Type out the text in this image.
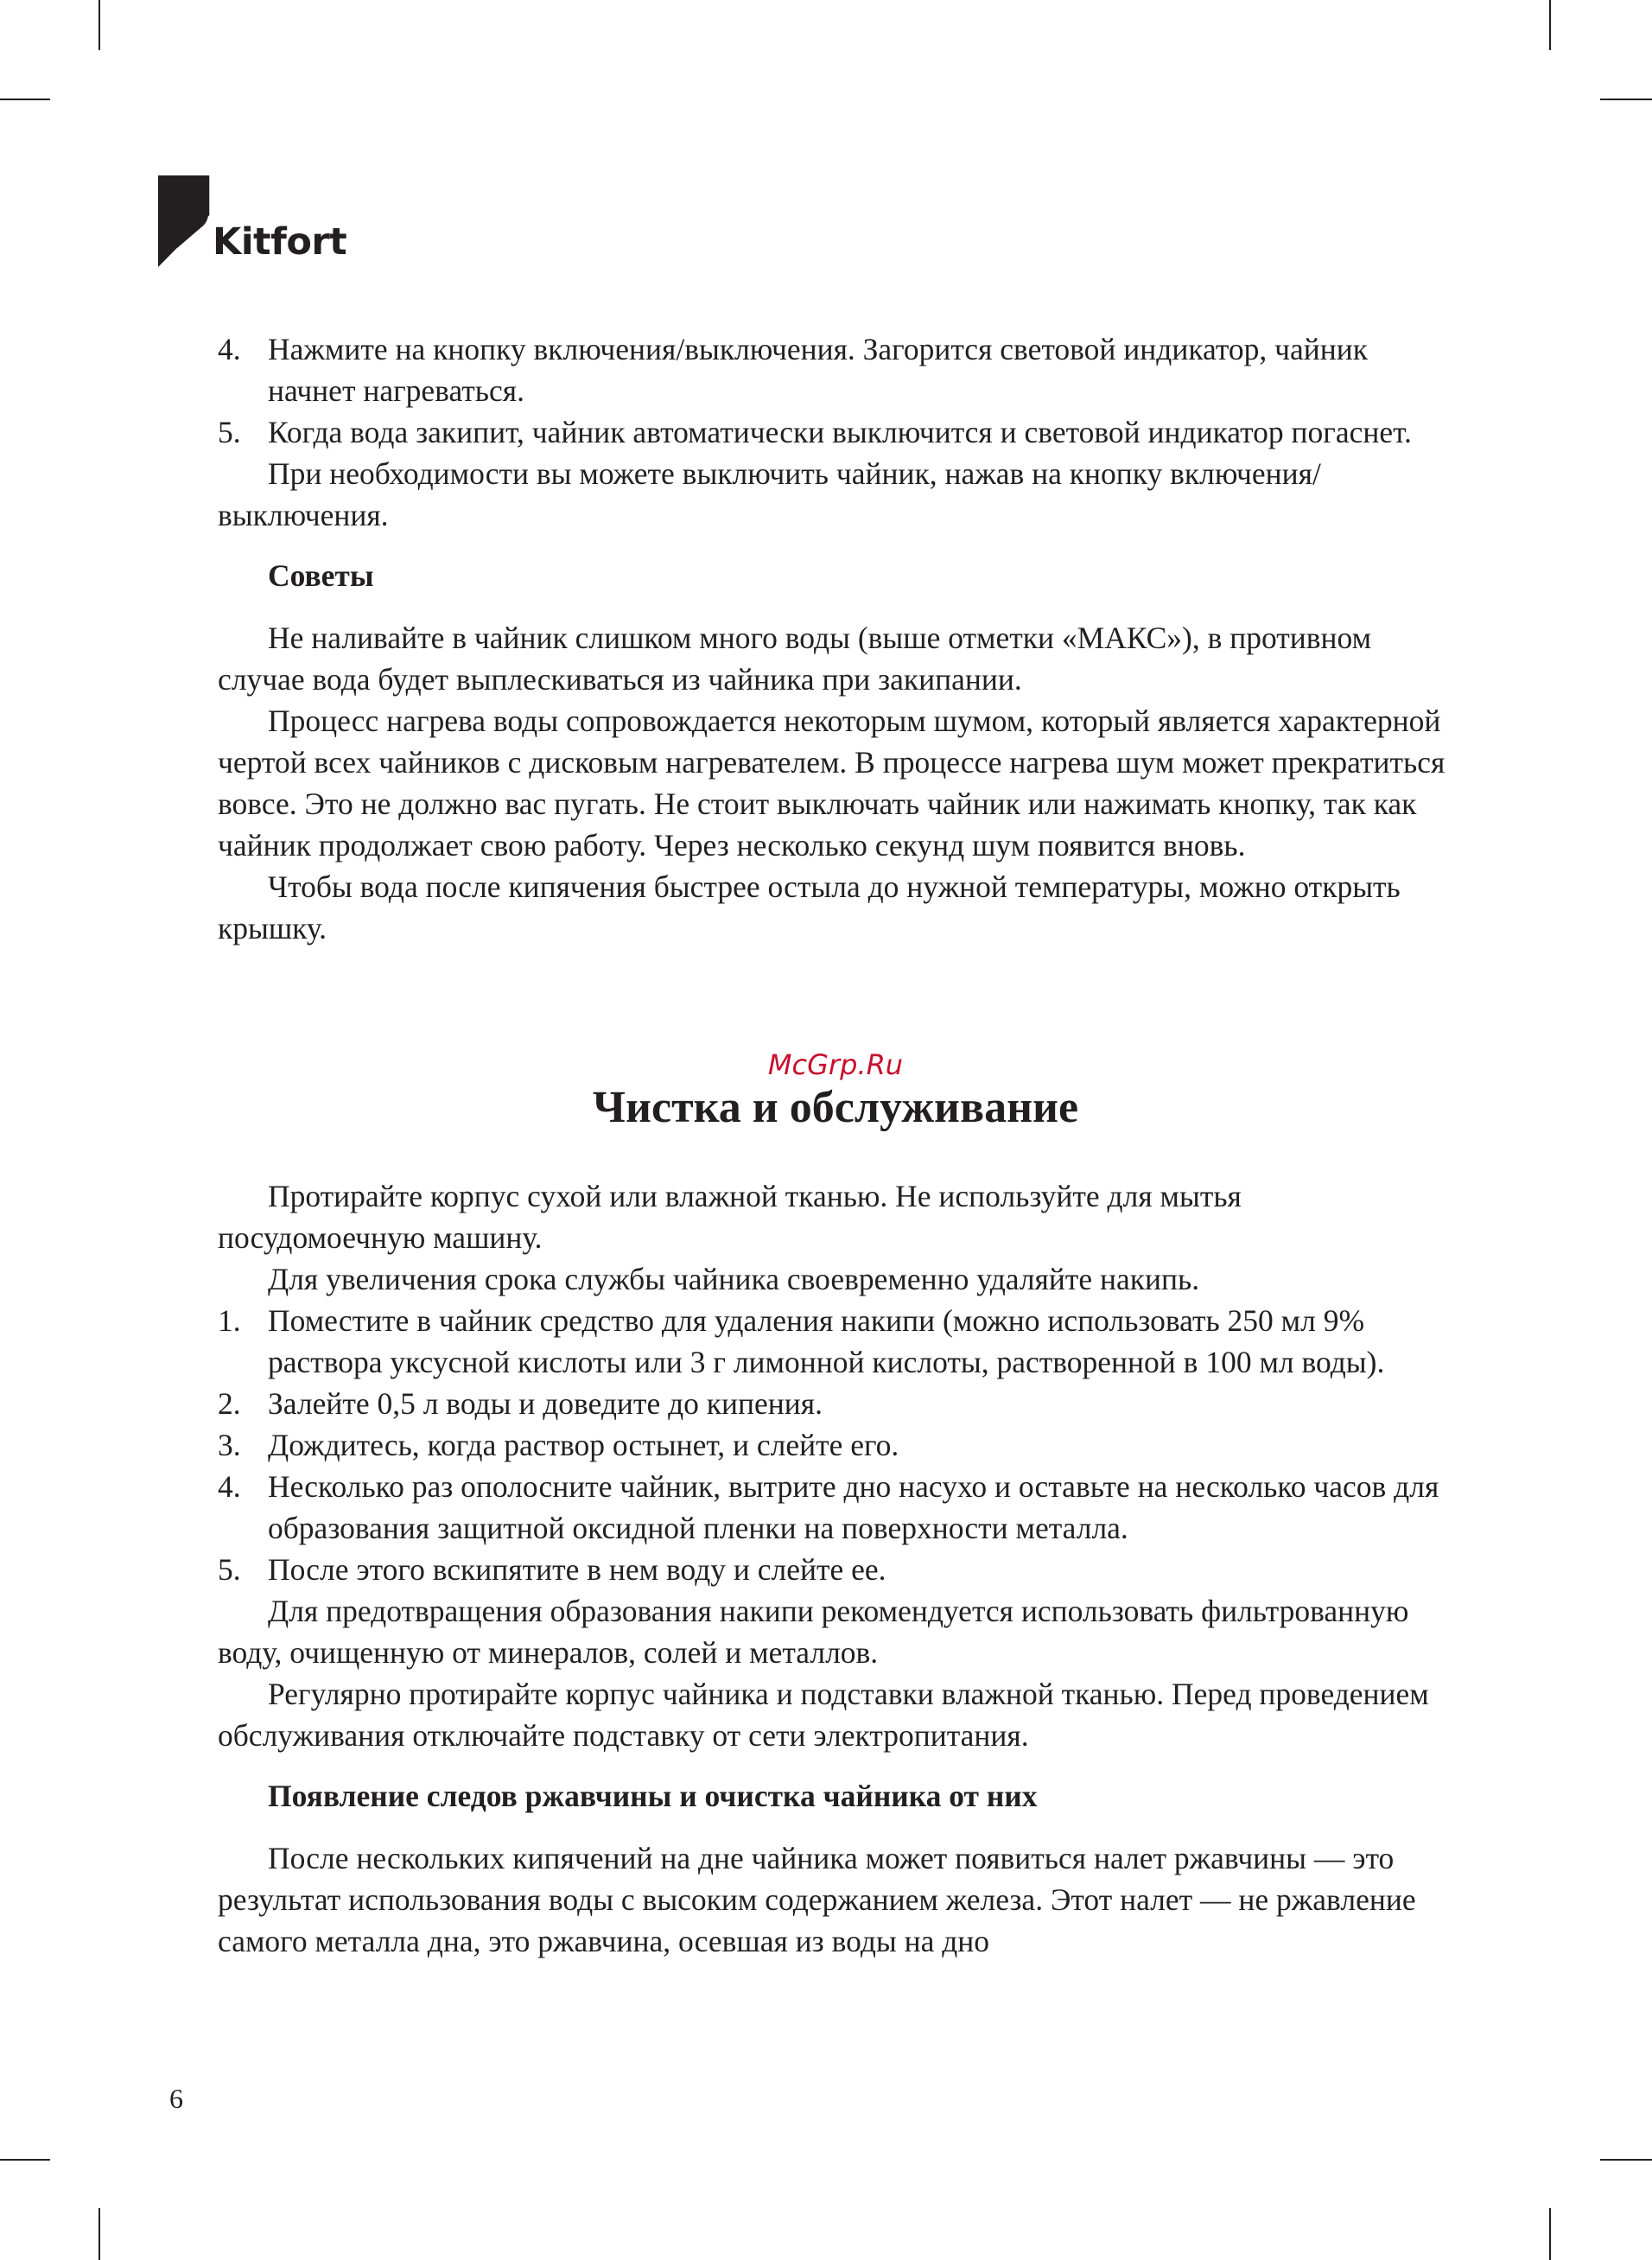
Kitfort
4. Нажмите на кнопку включения/выключения. Загорится световой индикатор, чайник начнет нагреваться.
5. Когда вода закипит, чайник автоматически выключится и световой индикатор погаснет.

При необходимости вы можете выключить чайник, нажав на кнопку включения/выключения.

Советы

Не наливайте в чайник слишком много воды (выше отметки «МАКС»), в противном случае вода будет выплескиваться из чайника при закипании.

Процесс нагрева воды сопровождается некоторым шумом, который является характерной чертой всех чайников с дисковым нагревателем. В процессе нагрева шум может прекратиться вовсе. Это не должно вас пугать. Не стоит выключать чайник или нажимать кнопку, так как чайник продолжает свою работу. Через несколько секунд шум появится вновь.

Чтобы вода после кипячения быстрее остыла до нужной температуры, можно открыть крышку.

McGrp.Ru
Чистка и обслуживание

Протирайте корпус сухой или влажной тканью. Не используйте для мытья посудомоечную машину.

Для увеличения срока службы чайника своевременно удаляйте накипь.

1. Поместите в чайник средство для удаления накипи (можно использовать 250 мл 9% раствора уксусной кислоты или 3 г лимонной кислоты, растворенной в 100 мл воды).
2. Залейте 0,5 л воды и доведите до кипения.
3. Дождитесь, когда раствор остынет, и слейте его.
4. Несколько раз ополосните чайник, вытрите дно насухо и оставьте на несколько часов для образования защитной оксидной пленки на поверхности металла.
5. После этого вскипятите в нем воду и слейте ее.

Для предотвращения образования накипи рекомендуется использовать фильтрованную воду, очищенную от минералов, солей и металлов.

Регулярно протирайте корпус чайника и подставки влажной тканью. Перед проведением обслуживания отключайте подставку от сети электропитания.

Появление следов ржавчины и очистка чайника от них

После нескольких кипячений на дне чайника может появиться налет ржавчины — это результат использования воды с высоким содержанием железа. Этот налет — не ржавление самого металла дна, это ржавчина, осевшая из воды на дно

6
